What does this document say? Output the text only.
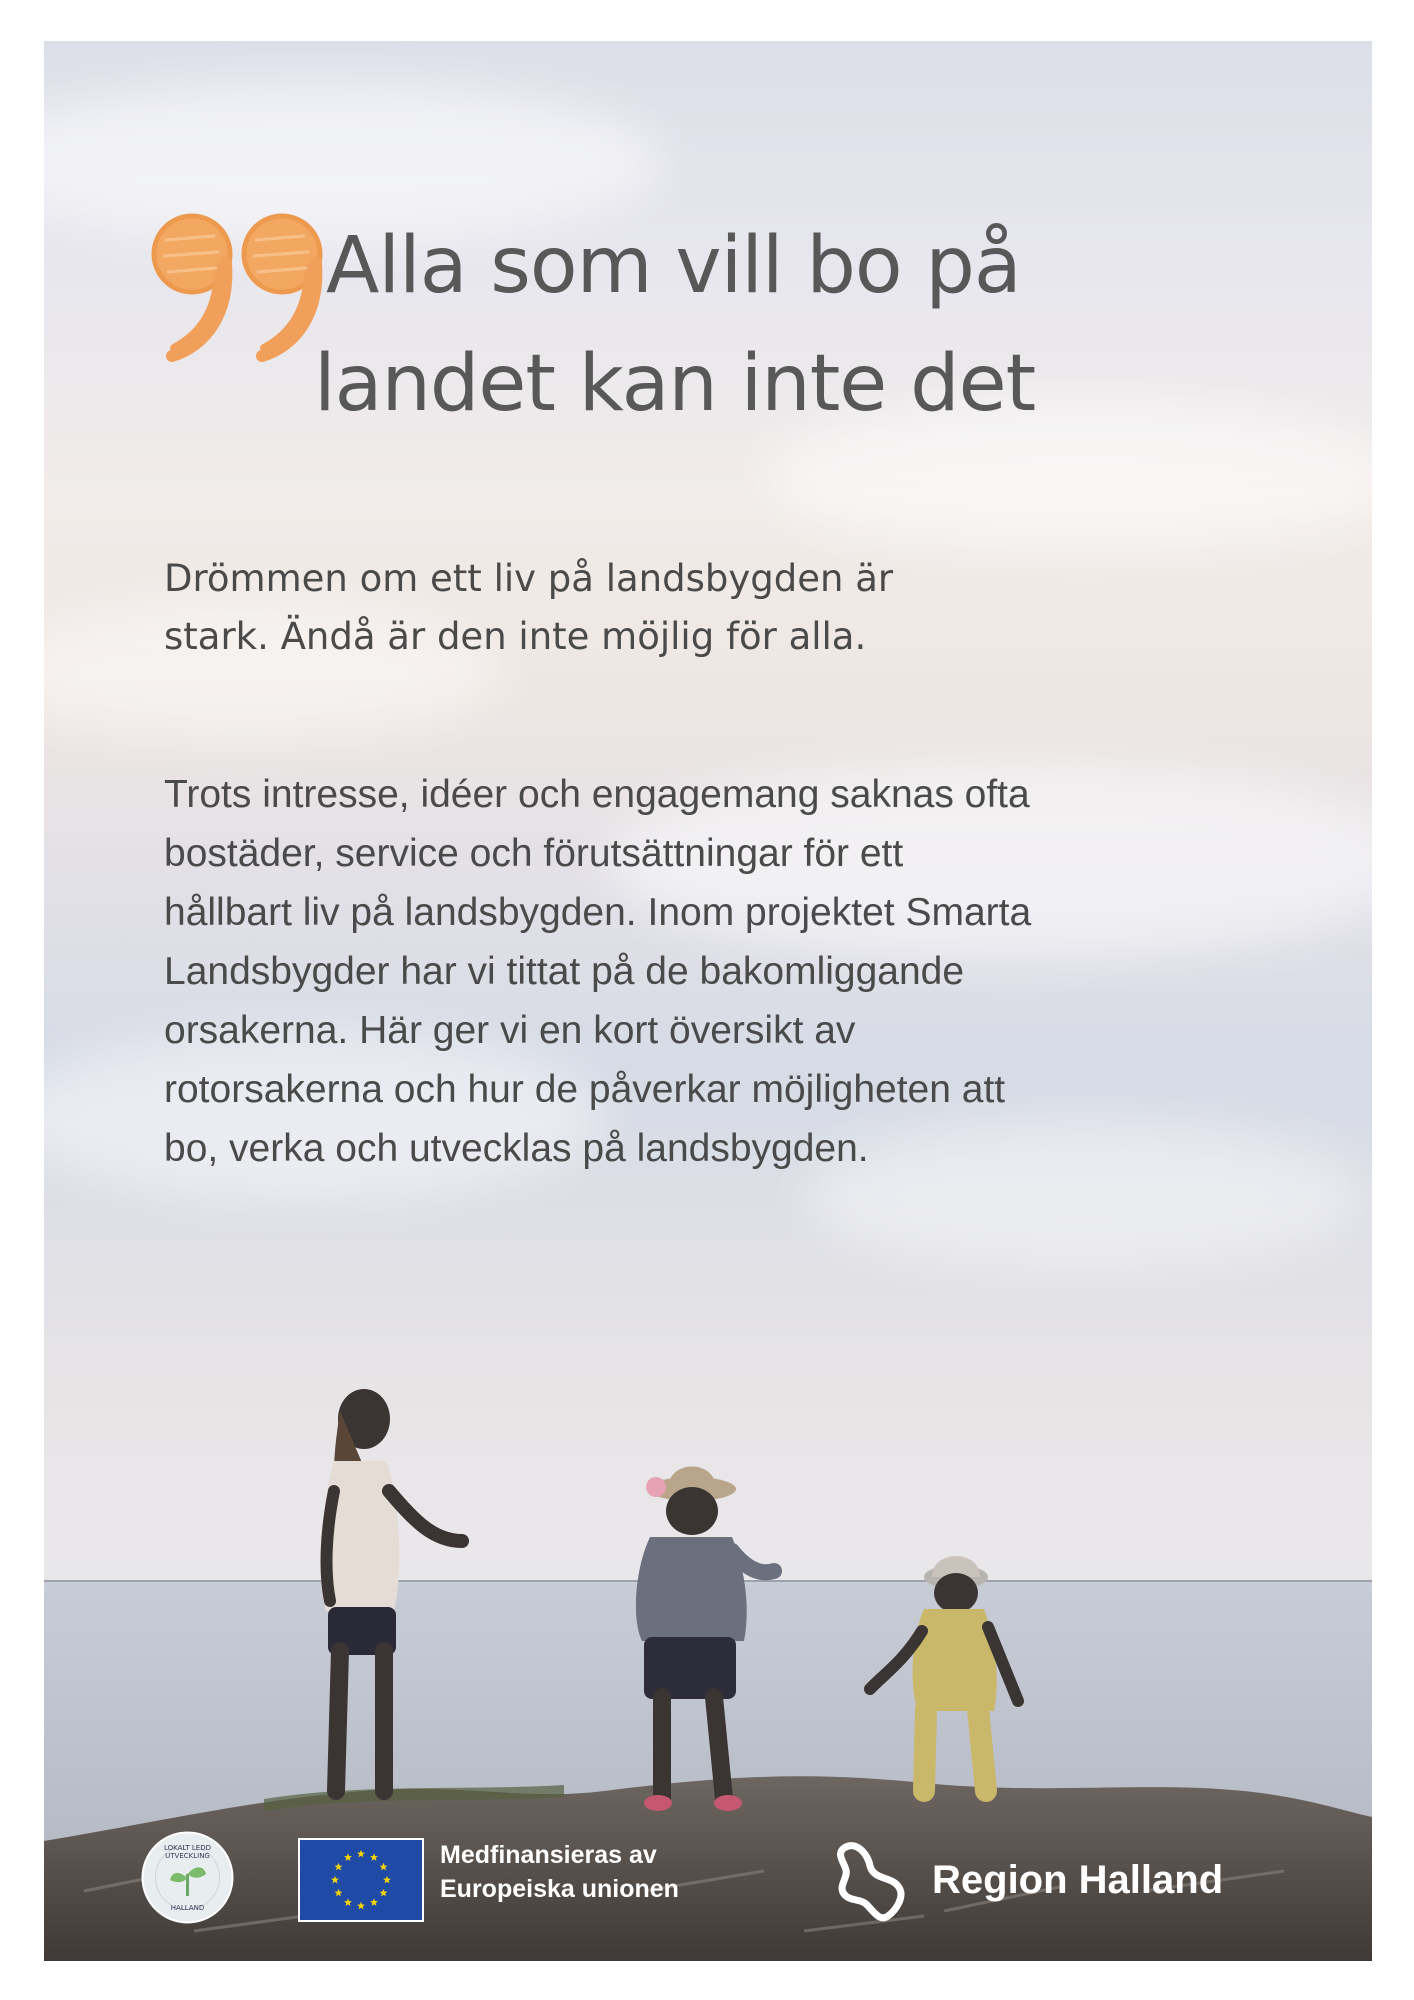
Alla som vill bo på
landet kan inte det

Drömmen om ett liv på landsbygden är
stark. Ändå är den inte möjlig för alla.

Trots intresse, idéer och engagemang saknas ofta
bostäder, service och förutsättningar för ett
hållbart liv på landsbygden. Inom projektet Smarta
Landsbygder har vi tittat på de bakomliggande
orsakerna. Här ger vi en kort översikt av
rotorsakerna och hur de påverkar möjligheten att
bo, verka och utvecklas på landsbygden.

LOKALT LEDD UTVECKLING
HALLAND
Medfinansieras av
Europeiska unionen	Region Halland
